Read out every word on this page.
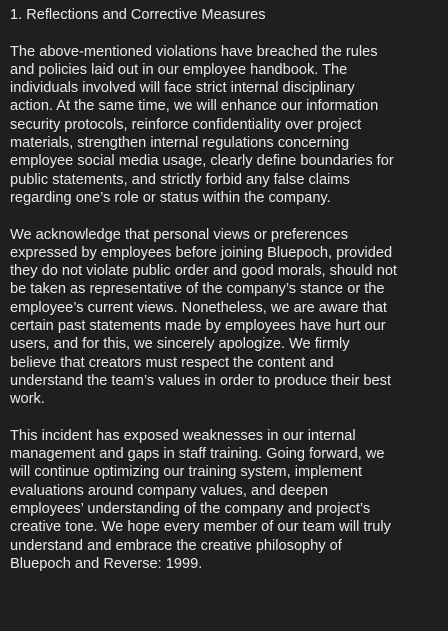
1. Reflections and Corrective Measures
The above-mentioned violations have breached the rules
and policies laid out in our employee handbook. The
individuals involved will face strict internal disciplinary
action. At the same time, we will enhance our information
security protocols, reinforce confidentiality over project
materials, strengthen internal regulations concerning
employee social media usage, clearly define boundaries for
public statements, and strictly forbid any false claims
regarding one’s role or status within the company.
We acknowledge that personal views or preferences
expressed by employees before joining Bluepoch, provided
they do not violate public order and good morals, should not
be taken as representative of the company’s stance or the
employee’s current views. Nonetheless, we are aware that
certain past statements made by employees have hurt our
users, and for this, we sincerely apologize. We firmly
believe that creators must respect the content and
understand the team’s values in order to produce their best
work.
This incident has exposed weaknesses in our internal
management and gaps in staff training. Going forward, we
will continue optimizing our training system, implement
evaluations around company values, and deepen
employees’ understanding of the company and project’s
creative tone. We hope every member of our team will truly
understand and embrace the creative philosophy of
Bluepoch and Reverse: 1999.
